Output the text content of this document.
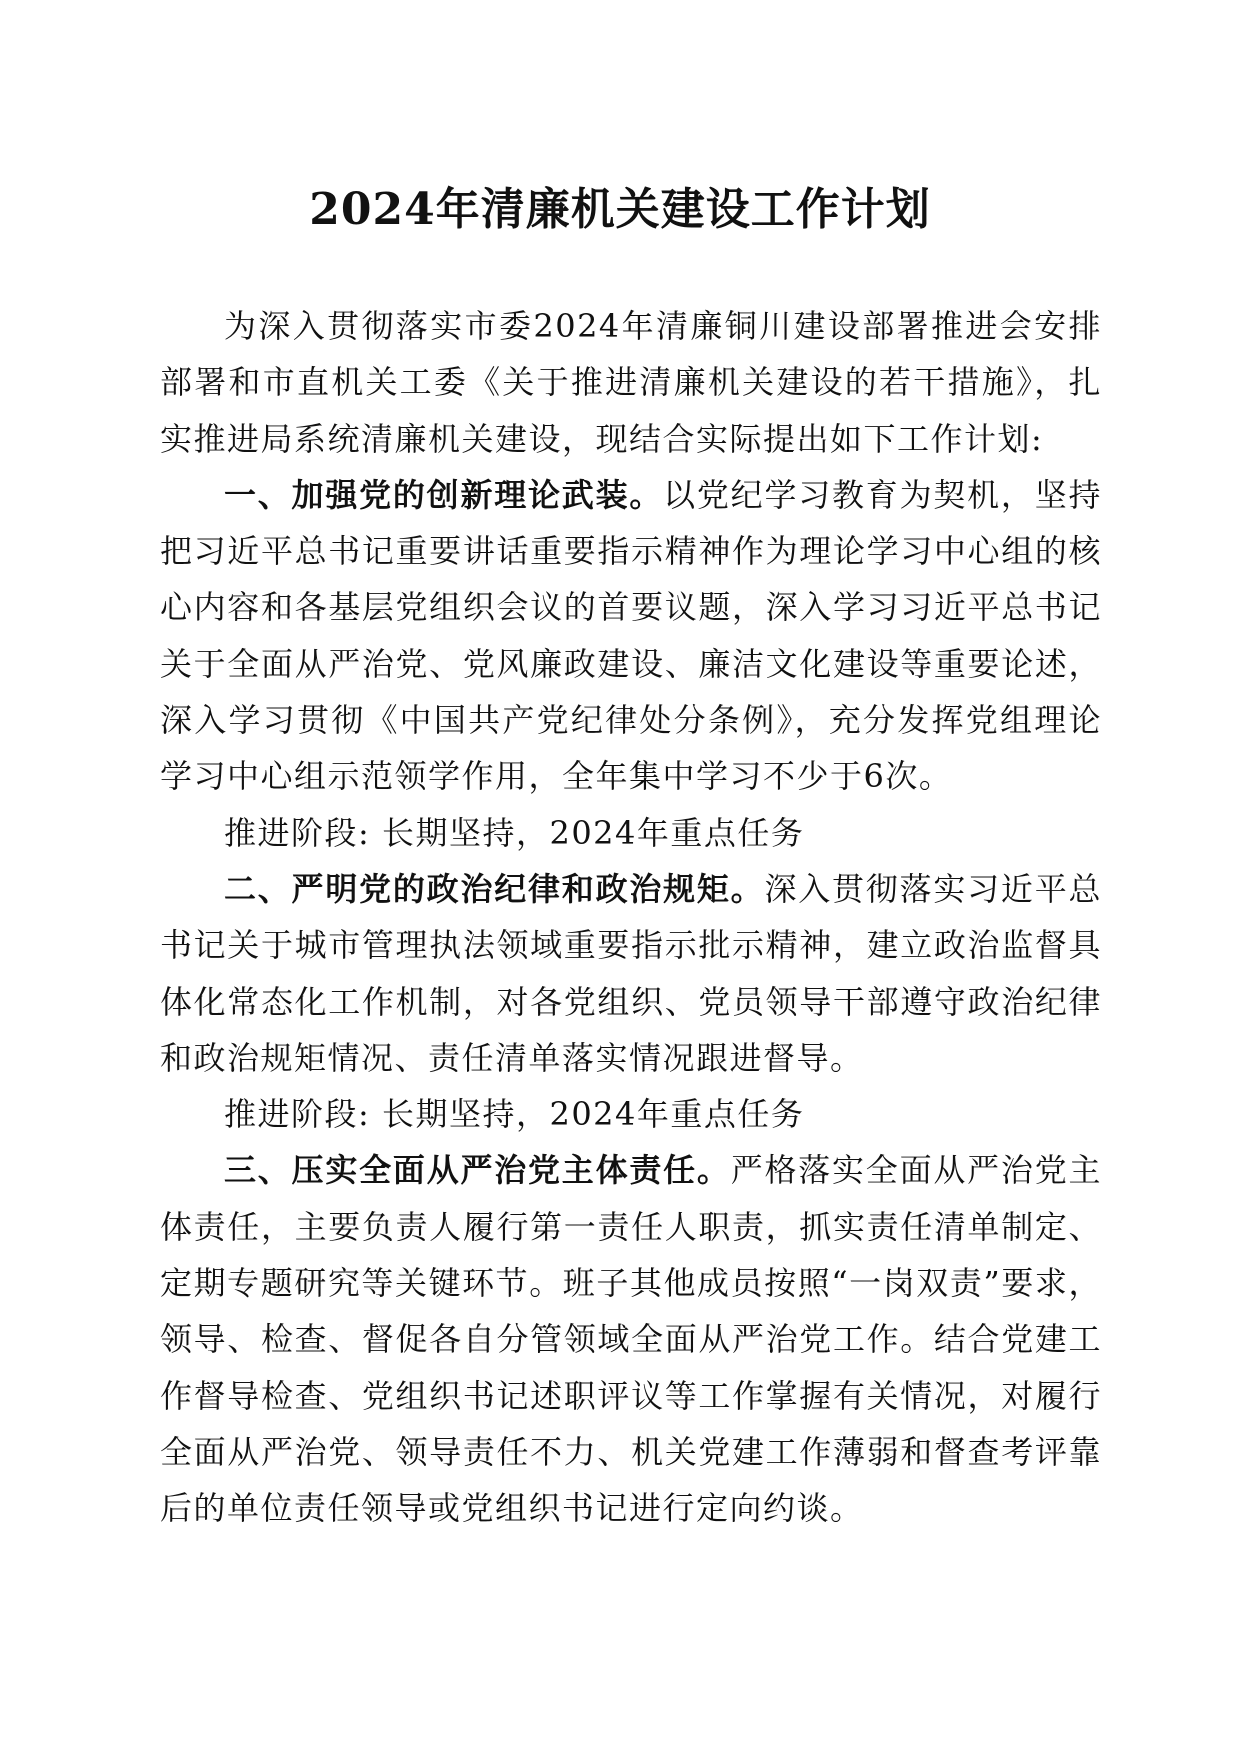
2024年清廉机关建设工作计划

为深入贯彻落实市委2024年清廉铜川建设部署推进会安排部署和市直机关工委《关于推进清廉机关建设的若干措施》，扎实推进局系统清廉机关建设，现结合实际提出如下工作计划:

一、加强党的创新理论武装。以党纪学习教育为契机，坚持把习近平总书记重要讲话重要指示精神作为理论学习中心组的核心内容和各基层党组织会议的首要议题，深入学习习近平总书记关于全面从严治党、党风廉政建设、廉洁文化建设等重要论述，深入学习贯彻《中国共产党纪律处分条例》，充分发挥党组理论学习中心组示范领学作用，全年集中学习不少于6次。

推进阶段: 长期坚持，2024年重点任务

二、严明党的政治纪律和政治规矩。深入贯彻落实习近平总书记关于城市管理执法领域重要指示批示精神，建立政治监督具体化常态化工作机制，对各党组织、党员领导干部遵守政治纪律和政治规矩情况、责任清单落实情况跟进督导。

推进阶段: 长期坚持，2024年重点任务

三、压实全面从严治党主体责任。严格落实全面从严治党主体责任，主要负责人履行第一责任人职责，抓实责任清单制定、定期专题研究等关键环节。班子其他成员按照“一岗双责”要求，领导、检查、督促各自分管领域全面从严治党工作。结合党建工作督导检查、党组织书记述职评议等工作掌握有关情况，对履行全面从严治党、领导责任不力、机关党建工作薄弱和督查考评靠后的单位责任领导或党组织书记进行定向约谈。
